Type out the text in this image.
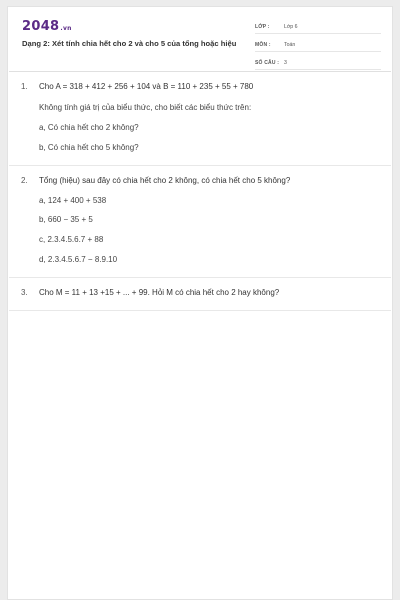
2048.vn
Dạng 2: Xét tính chia hết cho 2 và cho 5 của tổng hoặc hiệu
LỚP :	Lớp 6
MÔN :	Toán
SỐ CÂU : 3
1. Cho A = 318 + 412 + 256 + 104 và B = 110 + 235 + 55 + 780
Không tính giá trị của biểu thức, cho biết các biểu thức trên:
a, Có chia hết cho 2 không?
b, Có chia hết cho 5 không?
2. Tổng (hiệu) sau đây có chia hết cho 2 không, có chia hết cho 5 không?
a, 124 + 400 + 538
b, 660 − 35 + 5
c, 2.3.4.5.6.7 + 88
d, 2.3.4.5.6.7 − 8.9.10
3. Cho M = 11 + 13 +15 + ... + 99. Hỏi M có chia hết cho 2 hay không?
